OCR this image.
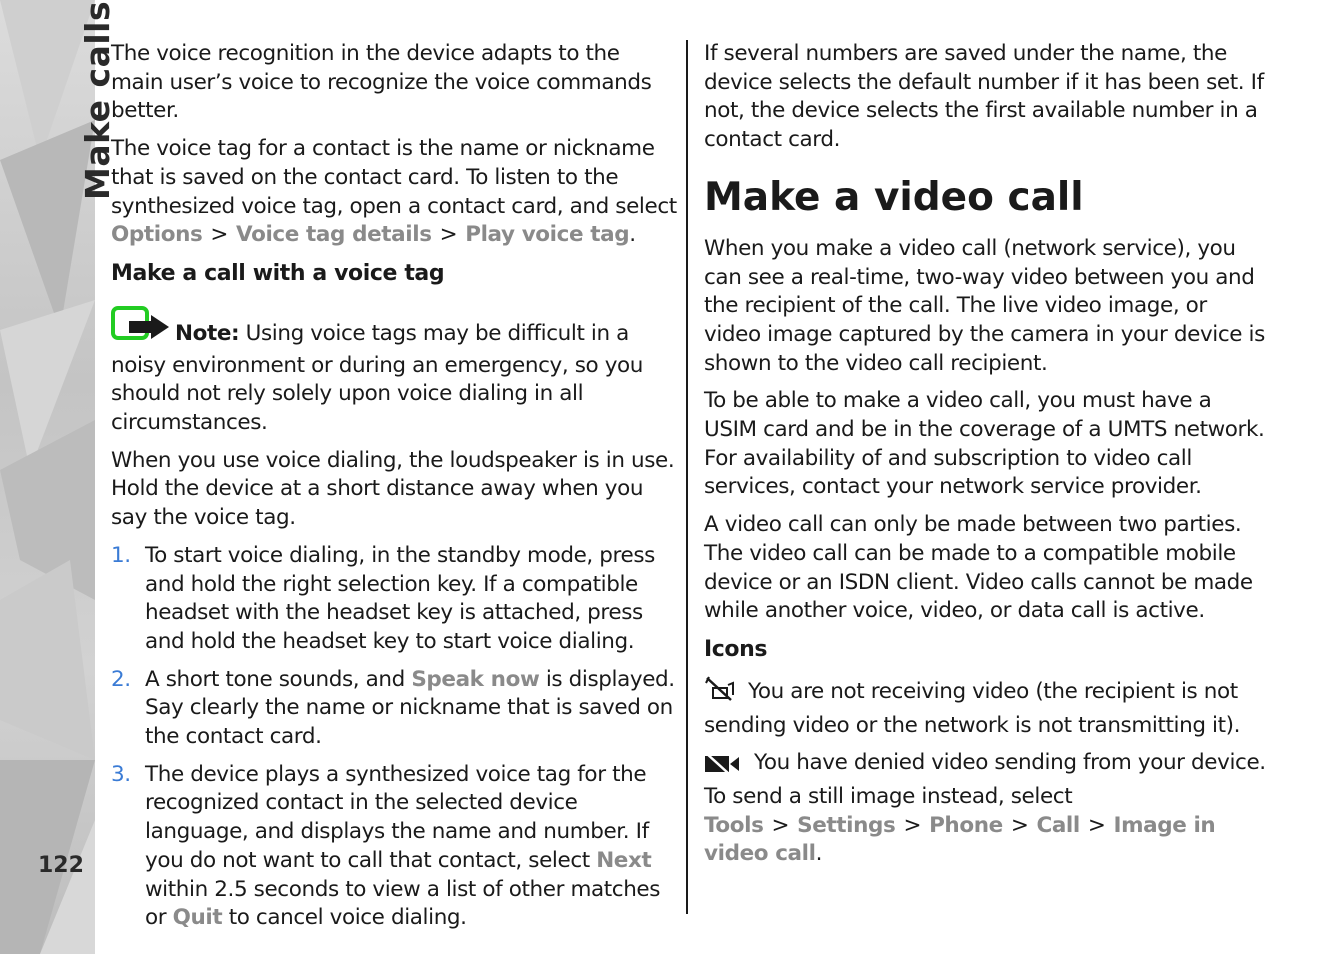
Make calls
122

The voice recognition in the device adapts to the main user’s voice to recognize the voice commands better.

The voice tag for a contact is the name or nickname that is saved on the contact card. To listen to the synthesized voice tag, open a contact card, and select Options > Voice tag details > Play voice tag.

Make a call with a voice tag

Note: Using voice tags may be difficult in a noisy environment or during an emergency, so you should not rely solely upon voice dialing in all circumstances.

When you use voice dialing, the loudspeaker is in use. Hold the device at a short distance away when you say the voice tag.

1. To start voice dialing, in the standby mode, press and hold the right selection key. If a compatible headset with the headset key is attached, press and hold the headset key to start voice dialing.
2. A short tone sounds, and Speak now is displayed. Say clearly the name or nickname that is saved on the contact card.
3. The device plays a synthesized voice tag for the recognized contact in the selected device language, and displays the name and number. If you do not want to call that contact, select Next within 2.5 seconds to view a list of other matches or Quit to cancel voice dialing.

If several numbers are saved under the name, the device selects the default number if it has been set. If not, the device selects the first available number in a contact card.

Make a video call

When you make a video call (network service), you can see a real-time, two-way video between you and the recipient of the call. The live video image, or video image captured by the camera in your device is shown to the video call recipient.

To be able to make a video call, you must have a USIM card and be in the coverage of a UMTS network. For availability of and subscription to video call services, contact your network service provider.

A video call can only be made between two parties. The video call can be made to a compatible mobile device or an ISDN client. Video calls cannot be made while another voice, video, or data call is active.

Icons

You are not receiving video (the recipient is not sending video or the network is not transmitting it).

You have denied video sending from your device. To send a still image instead, select Tools > Settings > Phone > Call > Image in video call.
